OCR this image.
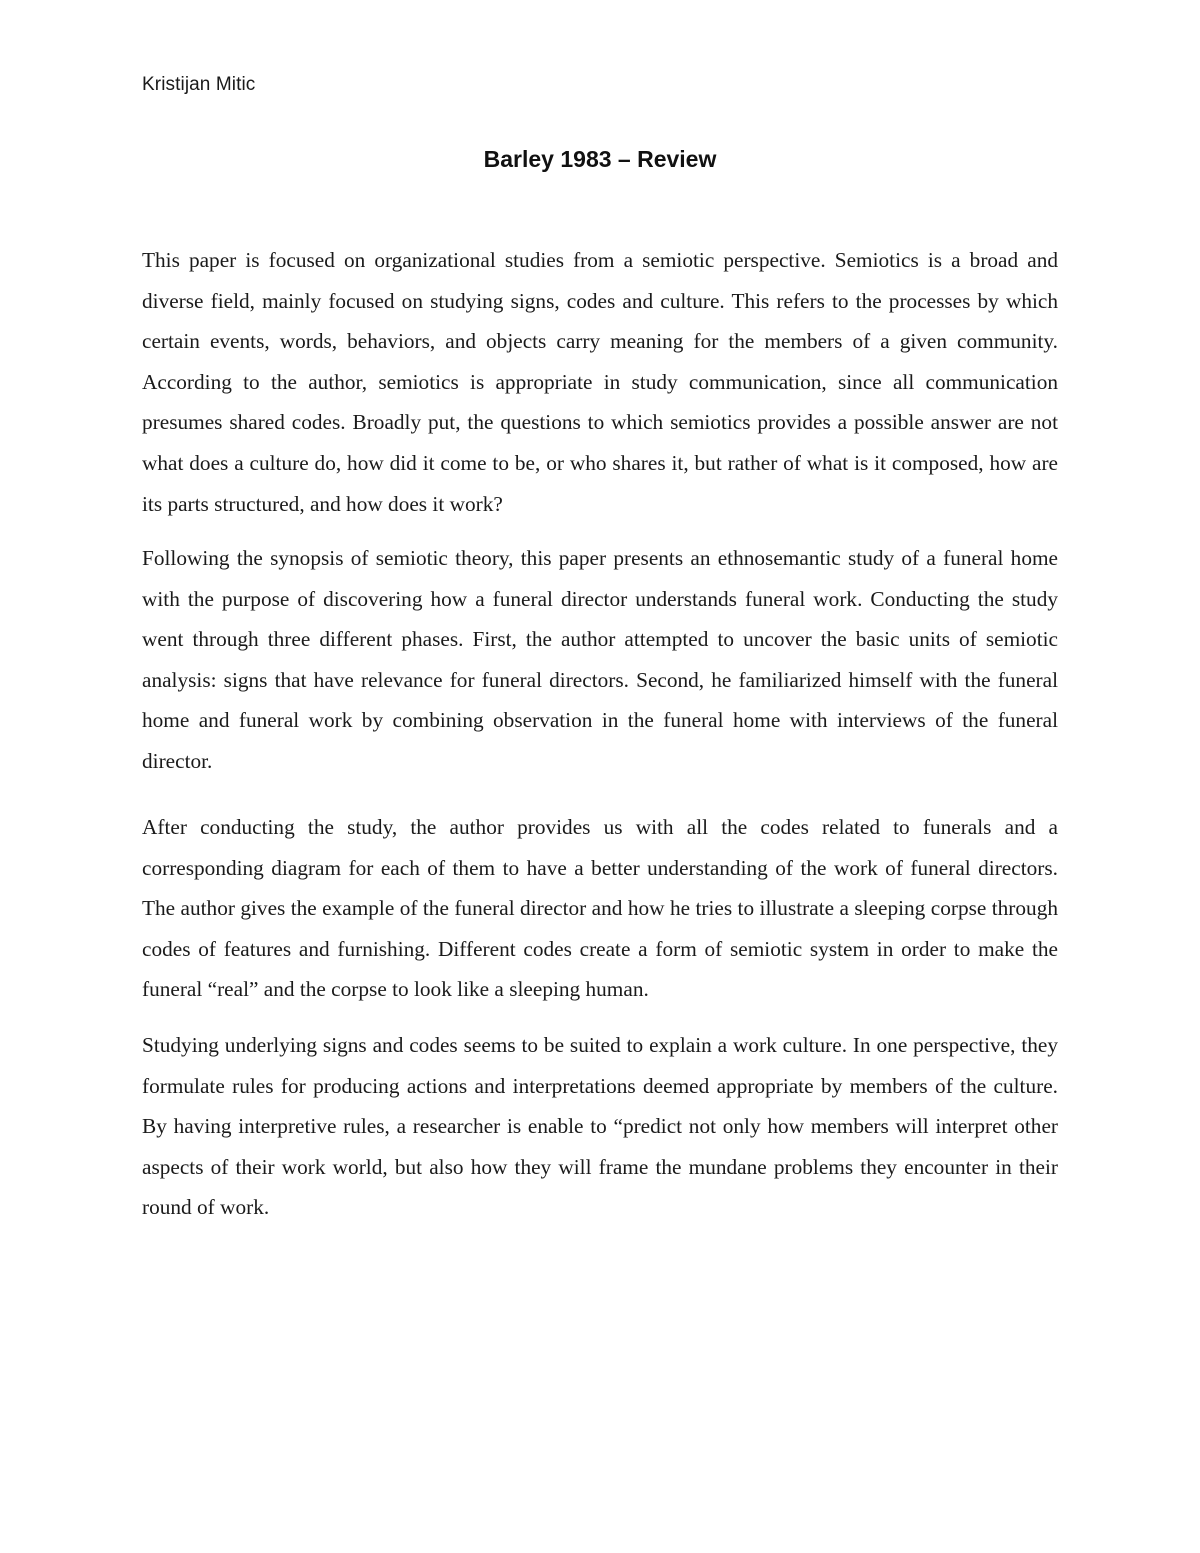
Kristijan Mitic
Barley 1983 – Review

This paper is focused on organizational studies from a semiotic perspective. Semiotics is a broad and diverse field, mainly focused on studying signs, codes and culture. This refers to the processes by which certain events, words, behaviors, and objects carry meaning for the members of a given community. According to the author, semiotics is appropriate in study communication, since all communication presumes shared codes. Broadly put, the questions to which semiotics provides a possible answer are not what does a culture do, how did it come to be, or who shares it, but rather of what is it composed, how are its parts structured, and how does it work?

Following the synopsis of semiotic theory, this paper presents an ethnosemantic study of a funeral home with the purpose of discovering how a funeral director understands funeral work. Conducting the study went through three different phases. First, the author attempted to uncover the basic units of semiotic analysis: signs that have relevance for funeral directors. Second, he familiarized himself with the funeral home and funeral work by combining observation in the funeral home with interviews of the funeral director.

After conducting the study, the author provides us with all the codes related to funerals and a corresponding diagram for each of them to have a better understanding of the work of funeral directors. The author gives the example of the funeral director and how he tries to illustrate a sleeping corpse through codes of features and furnishing. Different codes create a form of semiotic system in order to make the funeral “real” and the corpse to look like a sleeping human.

Studying underlying signs and codes seems to be suited to explain a work culture. In one perspective, they formulate rules for producing actions and interpretations deemed appropriate by members of the culture. By having interpretive rules, a researcher is enable to “predict not only how members will interpret other aspects of their work world, but also how they will frame the mundane problems they encounter in their round of work.
